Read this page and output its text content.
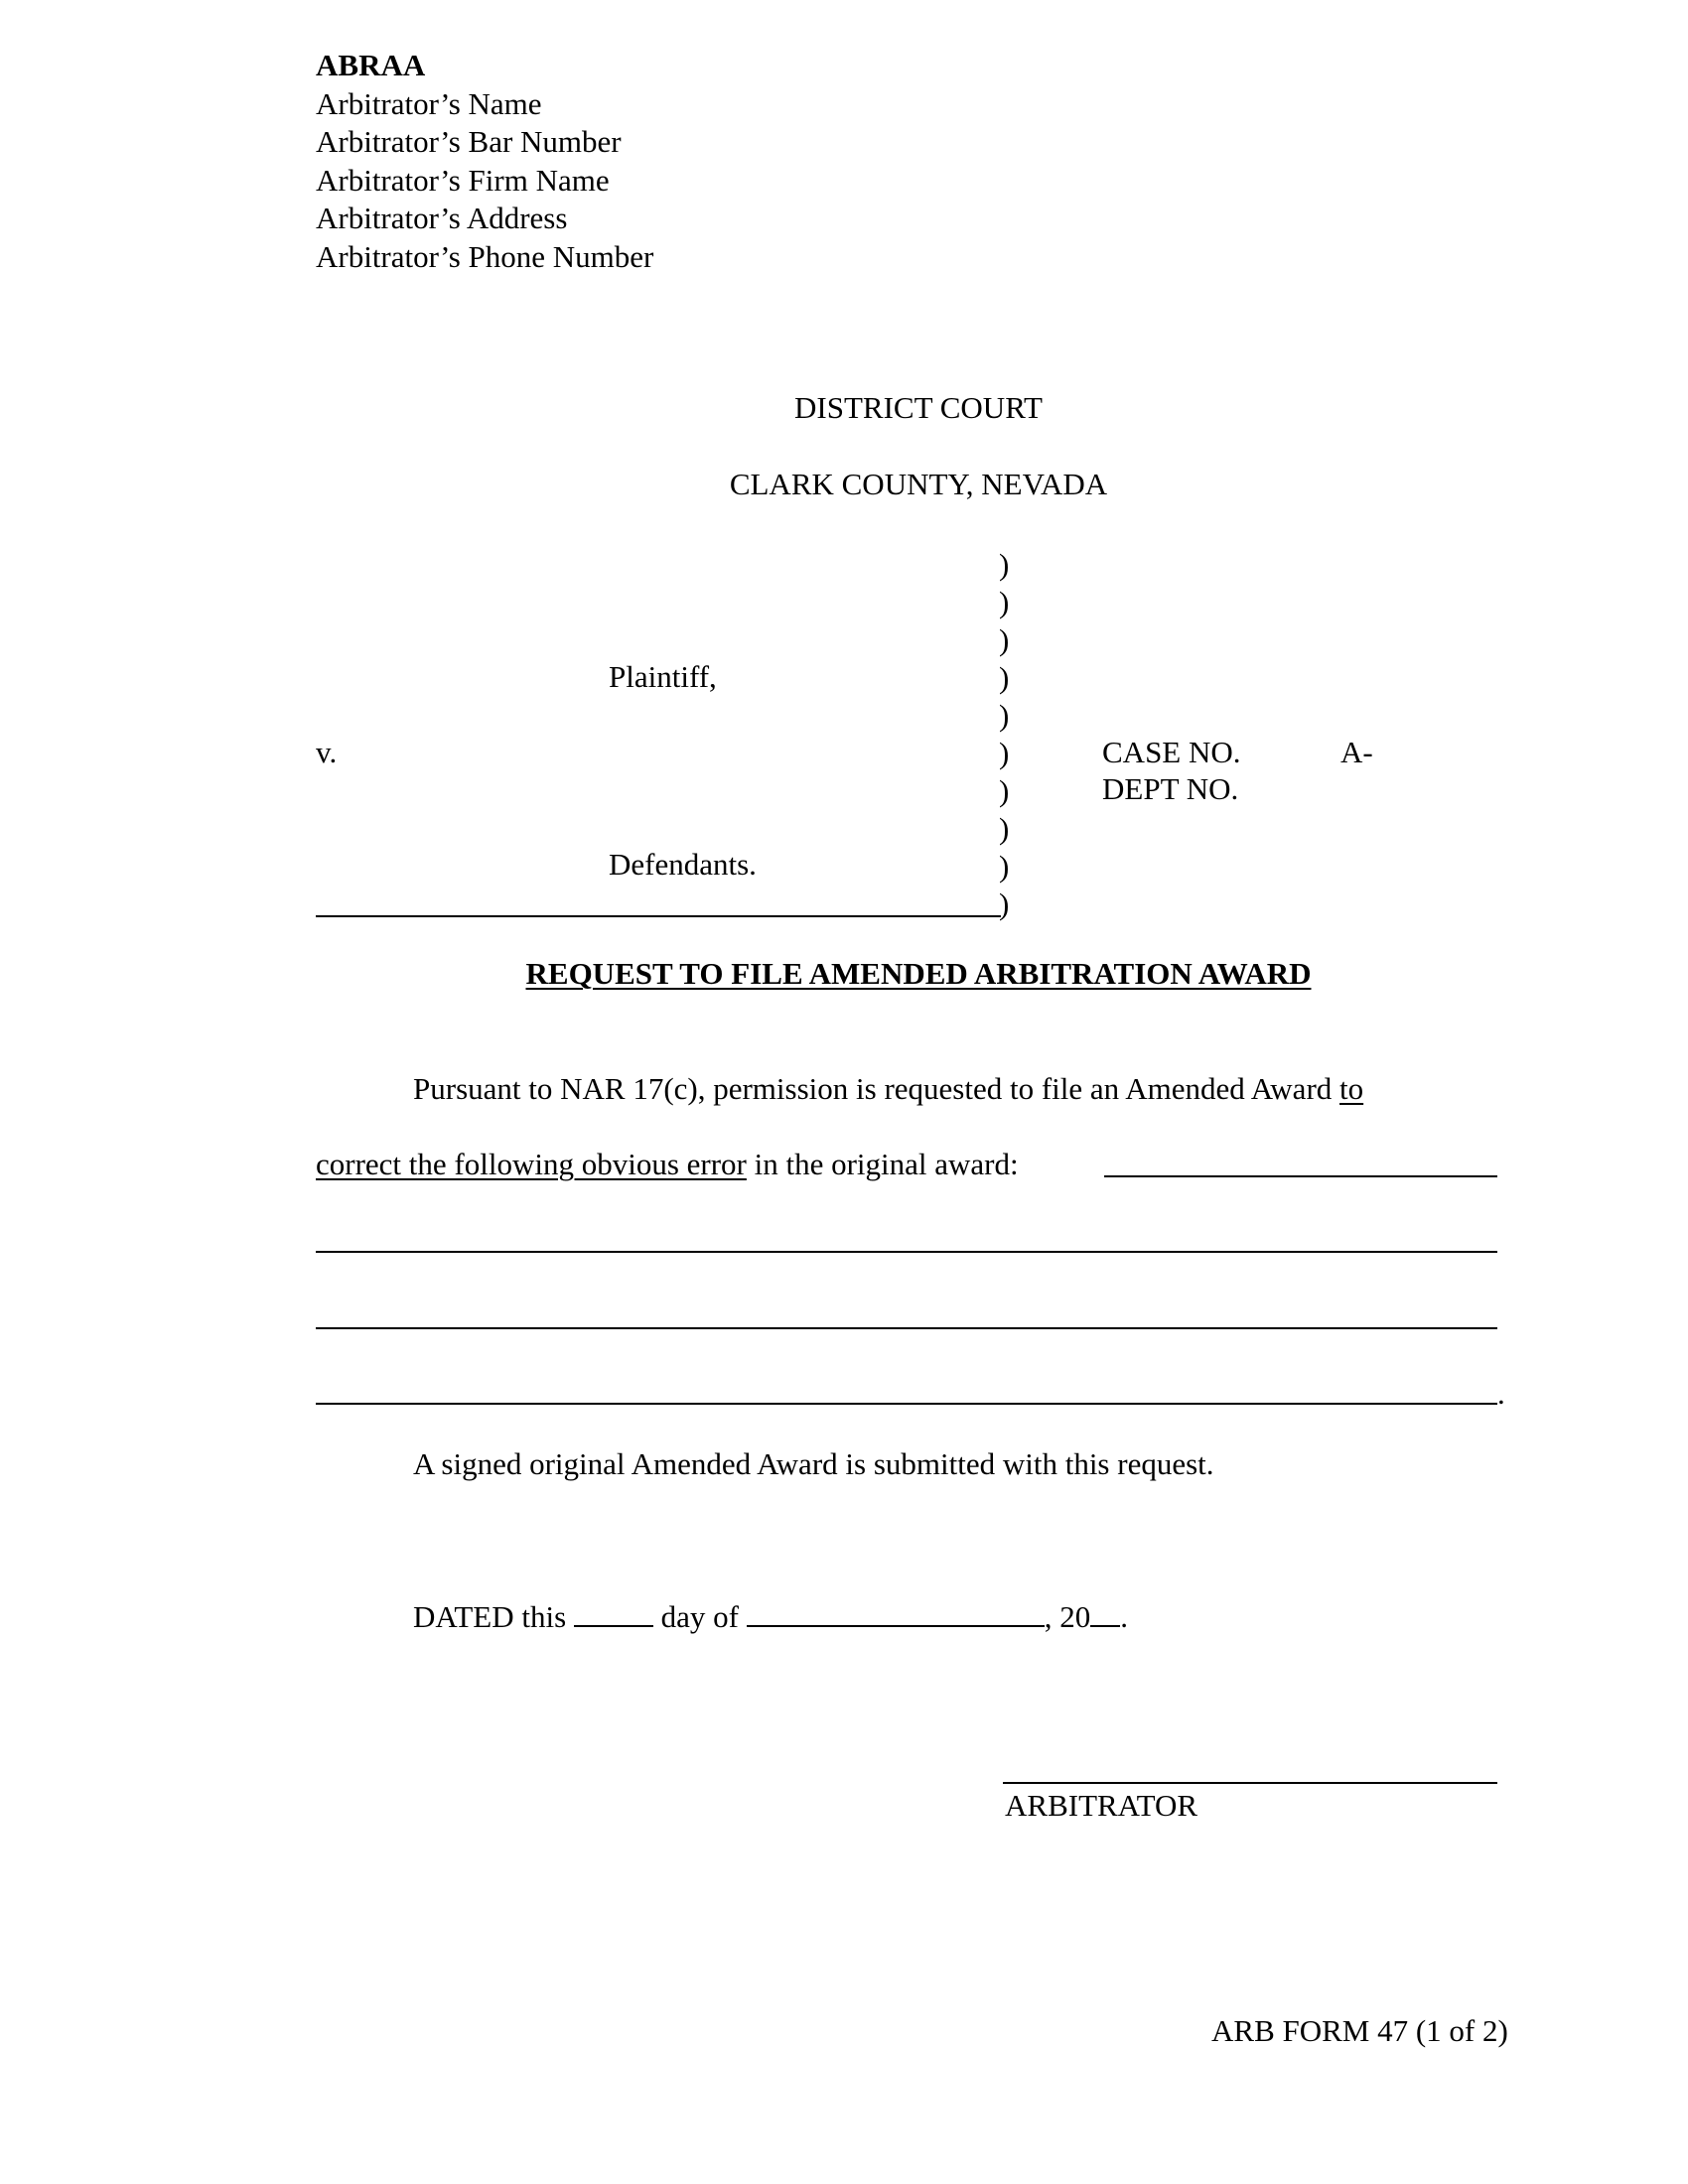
ABRAA
Arbitrator’s Name
Arbitrator’s Bar Number
Arbitrator’s Firm Name
Arbitrator’s Address
Arbitrator’s Phone Number
DISTRICT COURT
CLARK COUNTY, NEVADA
Plaintiff,
v.
Defendants.
)
)
)
)
)
)
)
)
)
)
CASE NO.	A-
DEPT NO.
REQUEST TO FILE AMENDED ARBITRATION AWARD
Pursuant to NAR 17(c), permission is requested to file an Amended Award to
correct the following obvious error in the original award:
.
A signed original Amended Award is submitted with this request.
DATED this	day of	, 20 .
ARBITRATOR
ARB FORM 47 (1 of 2)
